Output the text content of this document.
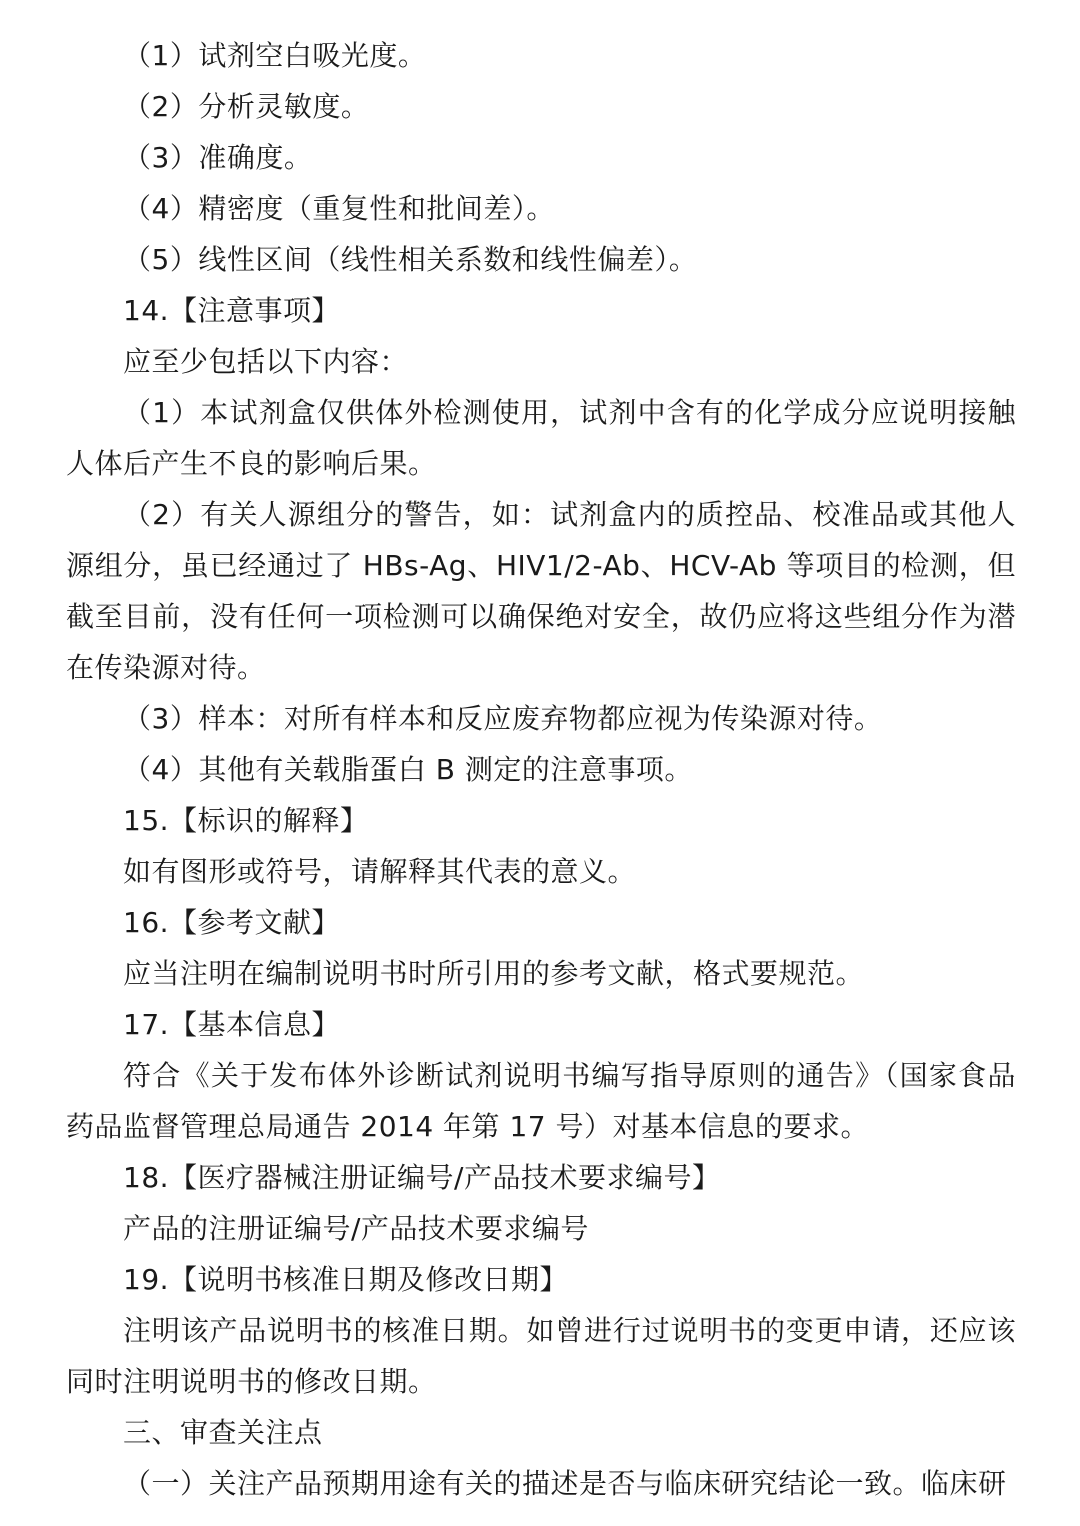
（1）试剂空白吸光度。

（2）分析灵敏度。

（3）准确度。

（4）精密度（重复性和批间差）。

（5）线性区间（线性相关系数和线性偏差）。

14.【注意事项】

应至少包括以下内容：

（1）本试剂盒仅供体外检测使用，试剂中含有的化学成分应说明接触人体后产生不良的影响后果。

（2）有关人源组分的警告，如：试剂盒内的质控品、校准品或其他人源组分，虽已经通过了 HBs-Ag、HIV1/2-Ab、HCV-Ab 等项目的检测，但截至目前，没有任何一项检测可以确保绝对安全，故仍应将这些组分作为潜在传染源对待。

（3）样本：对所有样本和反应废弃物都应视为传染源对待。

（4）其他有关载脂蛋白 B 测定的注意事项。

15.【标识的解释】

如有图形或符号，请解释其代表的意义。

16.【参考文献】

应当注明在编制说明书时所引用的参考文献，格式要规范。

17.【基本信息】

符合《关于发布体外诊断试剂说明书编写指导原则的通告》（国家食品药品监督管理总局通告 2014 年第 17 号）对基本信息的要求。

18.【医疗器械注册证编号/产品技术要求编号】

产品的注册证编号/产品技术要求编号

19.【说明书核准日期及修改日期】

注明该产品说明书的核准日期。如曾进行过说明书的变更申请，还应该同时注明说明书的修改日期。

三、审查关注点

（一）关注产品预期用途有关的描述是否与临床研究结论一致。临床研
